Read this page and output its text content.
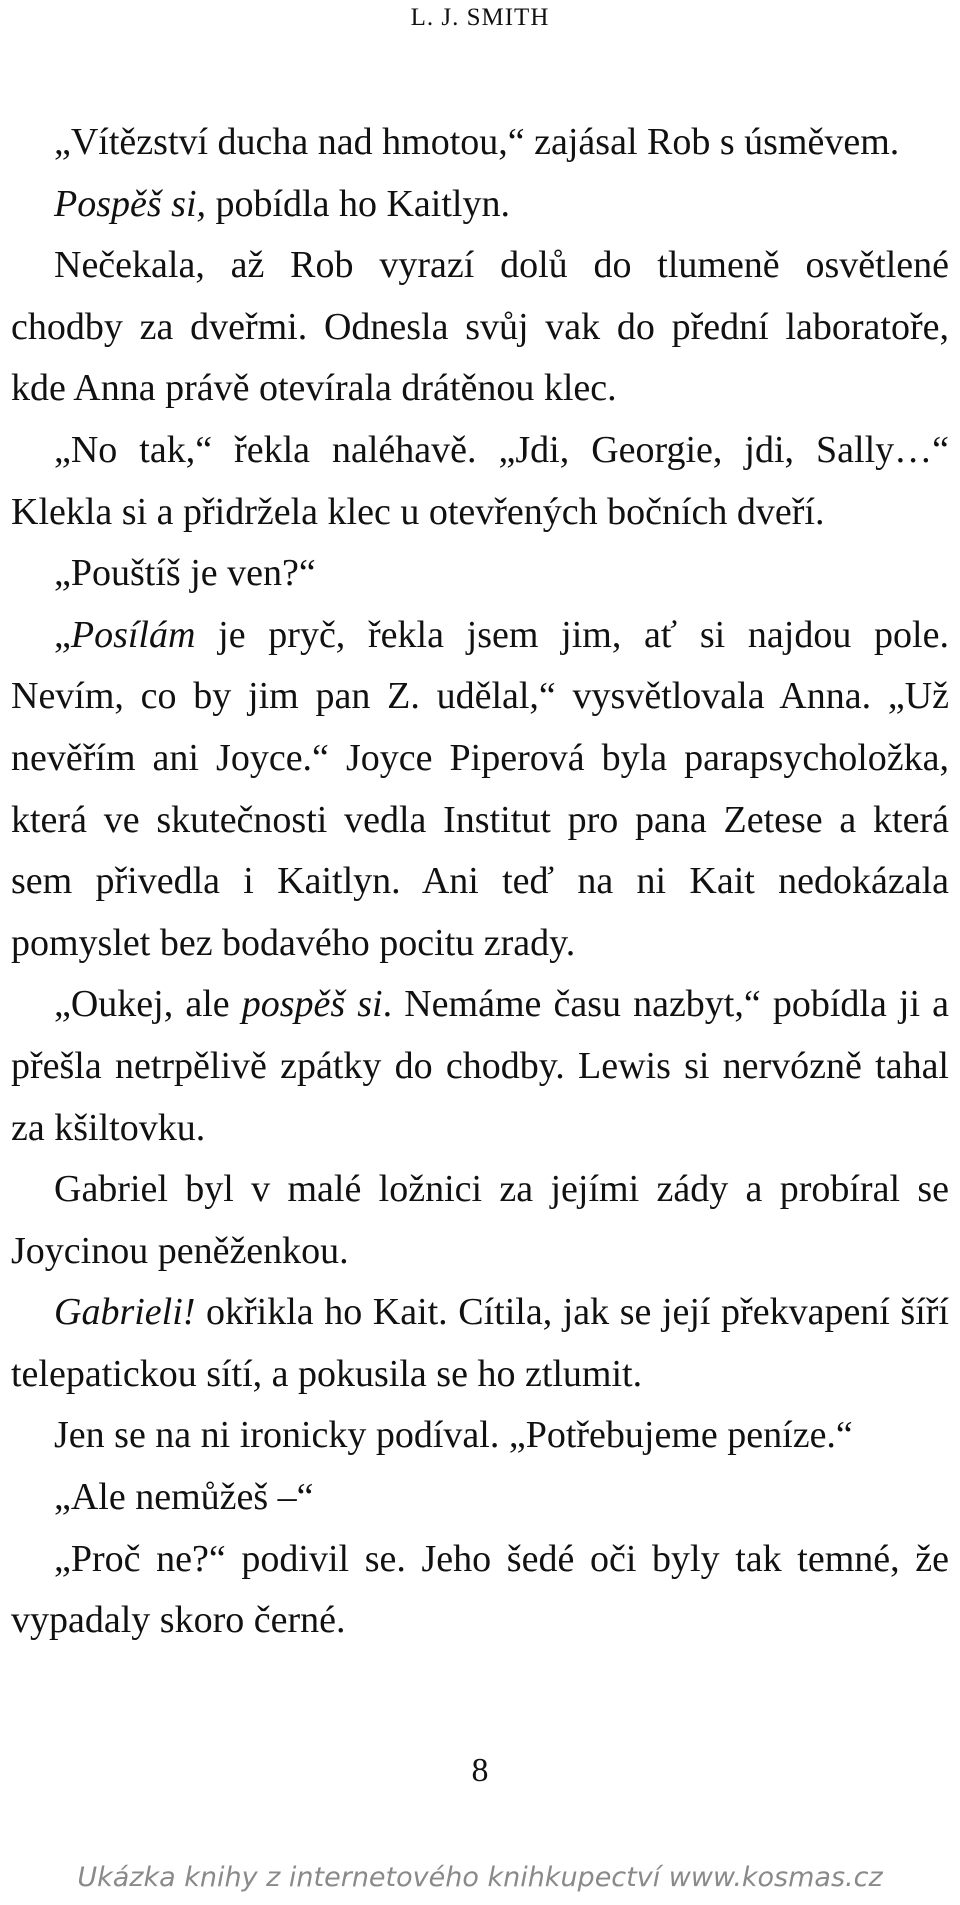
L. J. SMITH

„Vítězství ducha nad hmotou,“ zajásal Rob s úsměvem.

Pospěš si, pobídla ho Kaitlyn.

Nečekala, až Rob vyrazí dolů do tlumeně osvětlené chodby za dveřmi. Odnesla svůj vak do přední laboratoře, kde Anna právě otevírala drátěnou klec.

„No tak,“ řekla naléhavě. „Jdi, Georgie, jdi, Sally…“ Klekla si a přidržela klec u otevřených bočních dveří.

„Pouštíš je ven?“

„Posílám je pryč, řekla jsem jim, ať si najdou pole. Nevím, co by jim pan Z. udělal,“ vysvětlovala Anna. „Už nevěřím ani Joyce.“ Joyce Piperová byla parapsycholožka, která ve skutečnosti vedla Institut pro pana Zetese a která sem přivedla i Kaitlyn. Ani teď na ni Kait nedokázala pomyslet bez bodavého pocitu zrady.

„Oukej, ale pospěš si. Nemáme času nazbyt,“ pobídla ji a přešla netrpělivě zpátky do chodby. Lewis si nervózně tahal za kšiltovku.

Gabriel byl v malé ložnici za jejími zády a probíral se Joycinou peněženkou.

Gabrieli! okřikla ho Kait. Cítila, jak se její překvapení šíří telepatickou sítí, a pokusila se ho ztlumit.

Jen se na ni ironicky podíval. „Potřebujeme peníze.“

„Ale nemůžeš –“

„Proč ne?“ podivil se. Jeho šedé oči byly tak temné, že vypadaly skoro černé.

8
Ukázka knihy z internetového knihkupectví www.kosmas.cz
